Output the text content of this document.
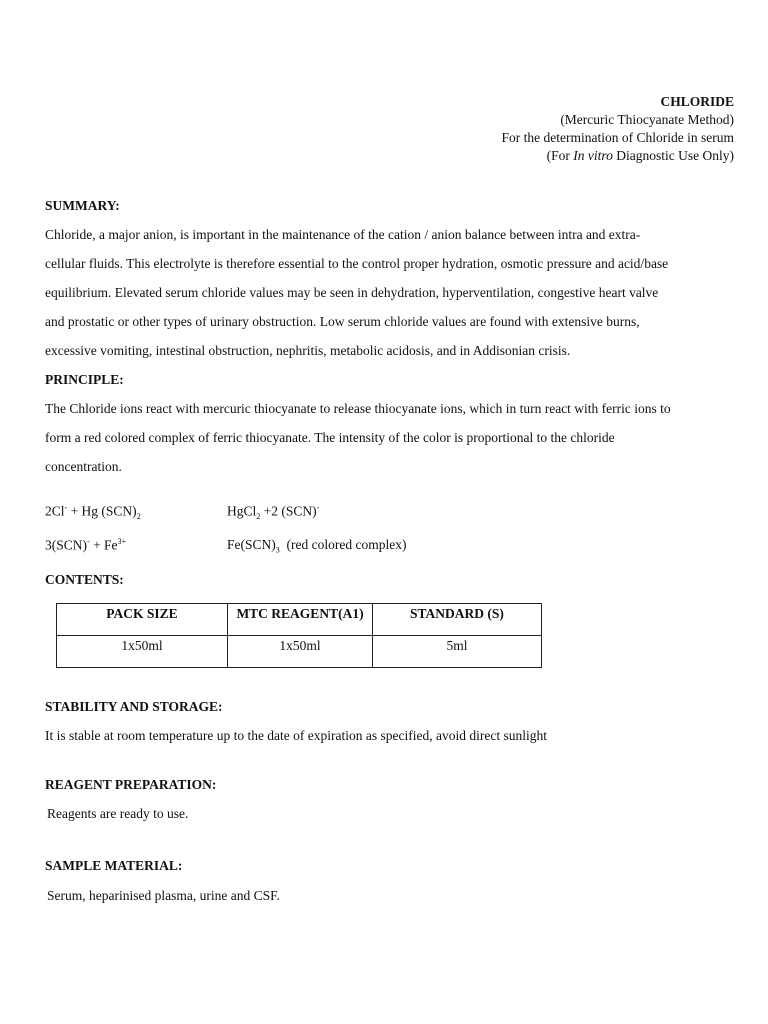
CHLORIDE
(Mercuric Thiocyanate Method)
For the determination of Chloride in serum
(For In vitro Diagnostic Use Only)
SUMMARY:
Chloride, a major anion, is important in the maintenance of the cation / anion balance between intra and extra-
cellular fluids. This electrolyte is therefore essential to the control proper hydration, osmotic pressure and acid/base
equilibrium. Elevated serum chloride values may be seen in dehydration, hyperventilation, congestive heart valve
and prostatic or other types of urinary obstruction. Low serum chloride values are found with extensive burns,
excessive vomiting, intestinal obstruction, nephritis, metabolic acidosis, and in Addisonian crisis.
PRINCIPLE:
The Chloride ions react with mercuric thiocyanate to release thiocyanate ions, which in turn react with ferric ions to
form a red colored complex of ferric thiocyanate. The intensity of the color is proportional to the chloride
concentration.
2Cl- + Hg $(SCN)_2$	HgCl$_2$ +2 (SCN)-
$3(SCN)^- + Fe^{3+}$	$Fe(SCN)_3$  (red colored complex)
CONTENTS:
PACK SIZE	MTC REAGENT(A1)	STANDARD (S)
1x50ml	1x50ml	5ml
STABILITY AND STORAGE:
It is stable at room temperature up to the date of expiration as specified, avoid direct sunlight
REAGENT PREPARATION:
Reagents are ready to use.
SAMPLE MATERIAL:
Serum, heparinised plasma, urine and CSF.
